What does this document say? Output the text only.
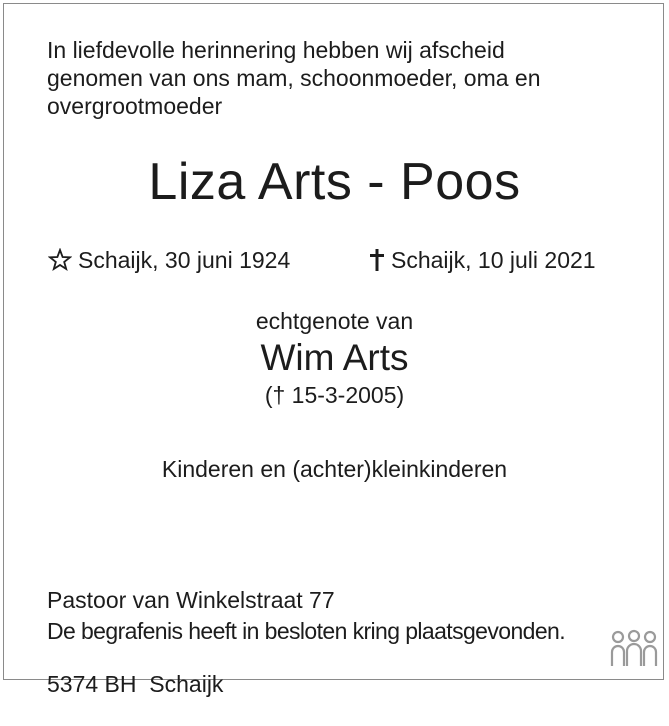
In liefdevolle herinnering hebben wij afscheid
genomen van ons mam, schoonmoeder, oma en
overgrootmoeder
Liza Arts - Poos
Schaijk, 30 juni 1924	Schaijk, 10 juli 2021
echtgenote van
Wim Arts
(† 15-3-2005)
Kinderen en (achter)kleinkinderen

Pastoor van Winkelstraat 77

5374 BH  Schaijk

De begrafenis heeft in besloten kring plaatsgevonden.
